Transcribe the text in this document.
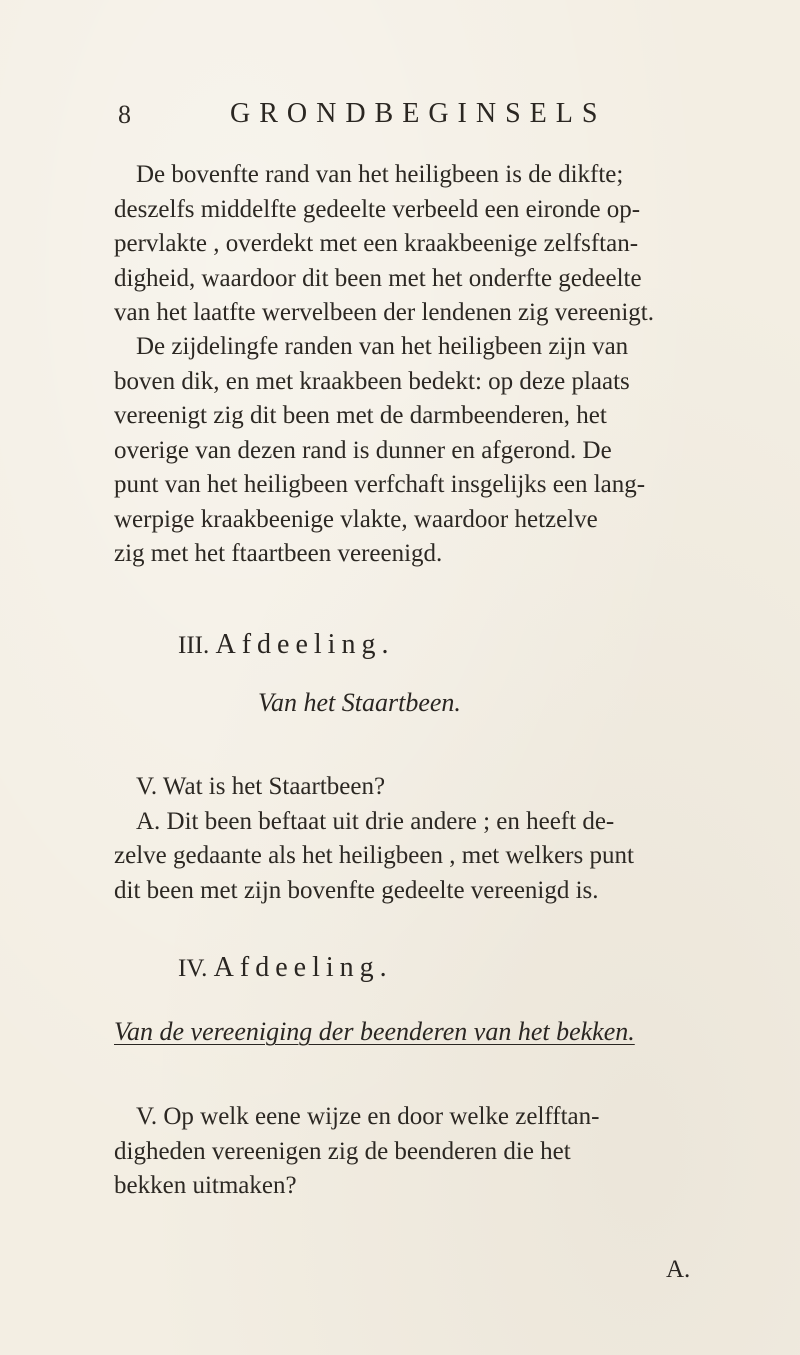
8	GRONDBEGINSELS
De bovenfte rand van het heiligbeen is de dikfte;
deszelfs middelfte gedeelte verbeeld een eironde op-
pervlakte , overdekt met een kraakbeenige zelfsftan-
digheid, waardoor dit been met het onderfte gedeelte
van het laatfte wervelbeen der lendenen zig vereenigt.
De zijdelingfe randen van het heiligbeen zijn van
boven dik, en met kraakbeen bedekt: op deze plaats
vereenigt zig dit been met de darmbeenderen, het
overige van dezen rand is dunner en afgerond. De
punt van het heiligbeen verfchaft insgelijks een lang-
werpige kraakbeenige vlakte, waardoor hetzelve
zig met het ftaartbeen vereenigd.
III. Afdeeling.
Van het Staartbeen.
V. Wat is het Staartbeen?
A. Dit been beftaat uit drie andere ; en heeft de-
zelve gedaante als het heiligbeen , met welkers punt
dit been met zijn bovenfte gedeelte vereenigd is.
IV. Afdeeling.
Van de vereeniging der beenderen van het bekken.
V. Op welk eene wijze en door welke zelfftan-
digheden vereenigen zig de beenderen die het
bekken uitmaken?
A.
